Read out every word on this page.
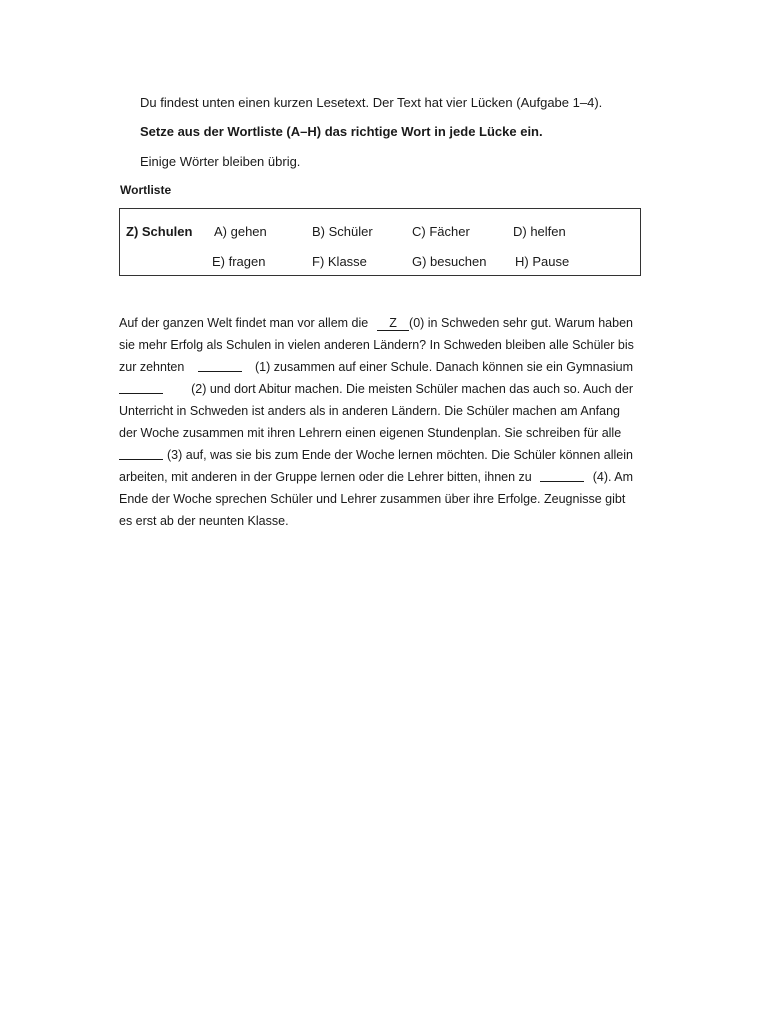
Du findest unten einen kurzen Lesetext. Der Text hat vier Lücken (Aufgabe 1–4).
Setze aus der Wortliste (A–H) das richtige Wort in jede Lücke ein.
Einige Wörter bleiben übrig.
Wortliste
Z) Schulen A) gehen	B) Schüler	C) Fächer	D) helfen
E) fragen	F) Klasse	G) besuchen H) Pause
Auf der ganzen Welt findet man vor allem die	Z (0) in Schweden sehr gut. Warum haben
sie mehr Erfolg als Schulen in vielen anderen Ländern? In Schweden bleiben alle Schüler bis
zur zehnten	(1) zusammen auf einer Schule. Danach können sie ein Gymnasium
(2) und dort Abitur machen. Die meisten Schüler machen das auch so. Auch der
Unterricht in Schweden ist anders als in anderen Ländern. Die Schüler machen am Anfang
der Woche zusammen mit ihren Lehrern einen eigenen Stundenplan. Sie schreiben für alle
(3) auf, was sie bis zum Ende der Woche lernen möchten. Die Schüler können allein
arbeiten, mit anderen in der Gruppe lernen oder die Lehrer bitten, ihnen zu	(4). Am
Ende der Woche sprechen Schüler und Lehrer zusammen über ihre Erfolge. Zeugnisse gibt
es erst ab der neunten Klasse.
